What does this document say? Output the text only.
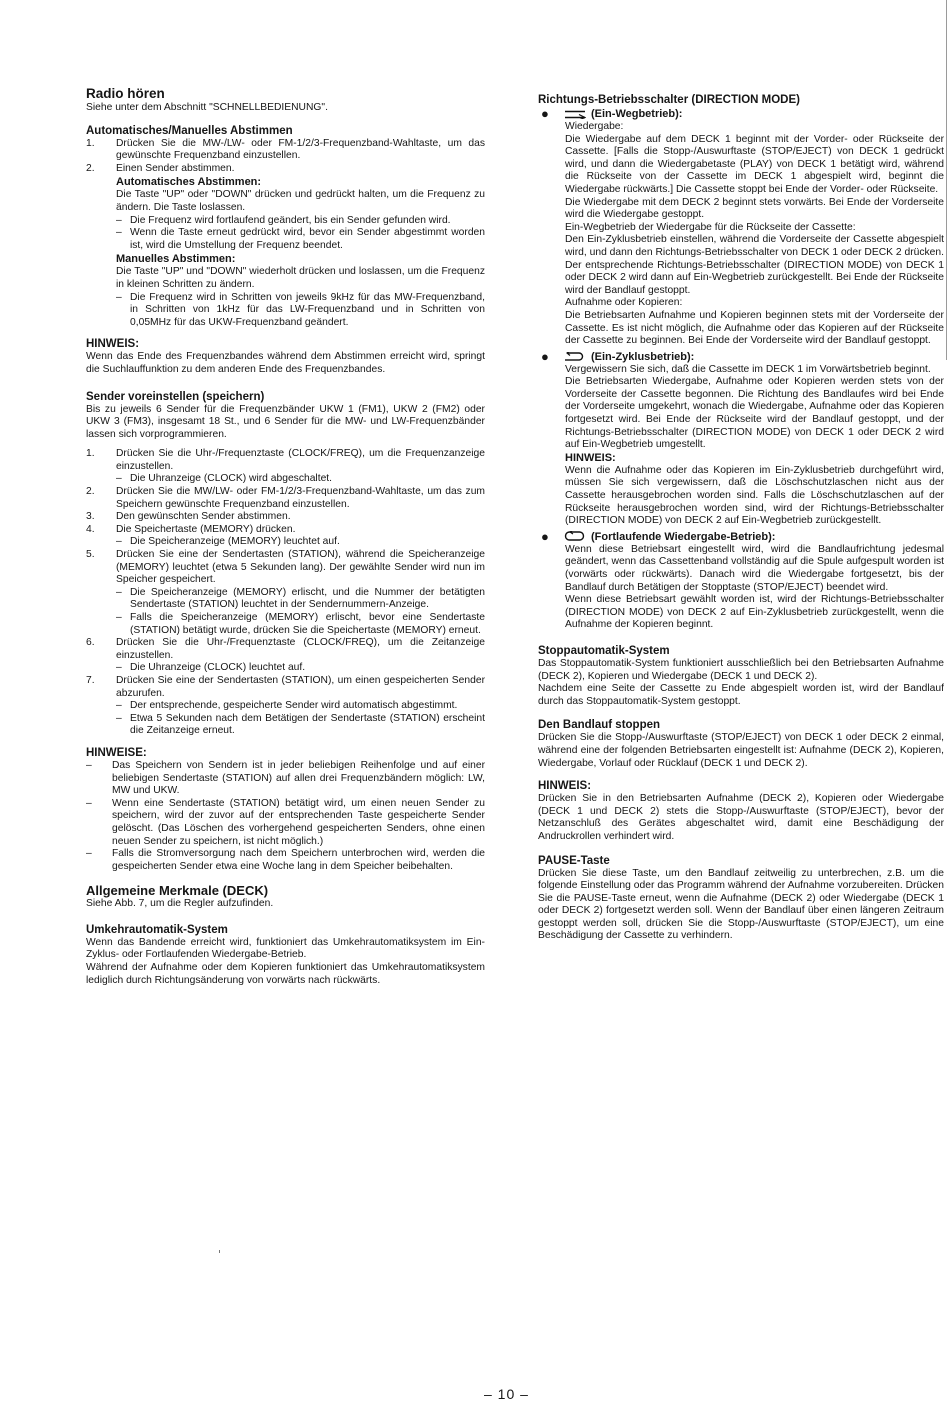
Radio hören

Siehe unter dem Abschnitt "SCHNELLBEDIENUNG".

Automatisches/Manuelles Abstimmen

1. Drücken Sie die MW-/LW- oder FM-1/2/3-Frequenzband-Wahltaste, um das gewünschte Frequenzband einzustellen.

2. Einen Sender abstimmen.

Automatisches Abstimmen:

Die Taste "UP" oder "DOWN" drücken und gedrückt halten, um die Frequenz zu ändern. Die Taste loslassen.

– Die Frequenz wird fortlaufend geändert, bis ein Sender gefunden wird.

– Wenn die Taste erneut gedrückt wird, bevor ein Sender abgestimmt worden ist, wird die Umstellung der Frequenz beendet.

Manuelles Abstimmen:

Die Taste "UP" und "DOWN" wiederholt drücken und loslassen, um die Frequenz in kleinen Schritten zu ändern.

– Die Frequenz wird in Schritten von jeweils 9kHz für das MW-Frequenzband, in Schritten von 1kHz für das LW-Frequenzband und in Schritten von 0,05MHz für das UKW-Frequenzband geändert.

HINWEIS:

Wenn das Ende des Frequenzbandes während dem Abstimmen erreicht wird, springt die Suchlauffunktion zu dem anderen Ende des Frequenzbandes.

Sender voreinstellen (speichern)

Bis zu jeweils 6 Sender für die Frequenzbänder UKW 1 (FM1), UKW 2 (FM2) oder UKW 3 (FM3), insgesamt 18 St., und 6 Sender für die MW- und LW-Frequenzbänder lassen sich vorprogrammieren.

1. Drücken Sie die Uhr-/Frequenztaste (CLOCK/FREQ), um die Frequenzanzeige einzustellen.

– Die Uhranzeige (CLOCK) wird abgeschaltet.

2. Drücken Sie die MW/LW- oder FM-1/2/3-Frequenzband-Wahltaste, um das zum Speichern gewünschte Frequenzband einzustellen.

3. Den gewünschten Sender abstimmen.

4. Die Speichertaste (MEMORY) drücken.

– Die Speicheranzeige (MEMORY) leuchtet auf.

5. Drücken Sie eine der Sendertasten (STATION), während die Speicheranzeige (MEMORY) leuchtet (etwa 5 Sekunden lang). Der gewählte Sender wird nun im Speicher gespeichert.

– Die Speicheranzeige (MEMORY) erlischt, und die Nummer der betätigten Sendertaste (STATION) leuchtet in der Sendernummern-Anzeige.

– Falls die Speicheranzeige (MEMORY) erlischt, bevor eine Sendertaste (STATION) betätigt wurde, drücken Sie die Speichertaste (MEMORY) erneut.

6. Drücken Sie die Uhr-/Frequenztaste (CLOCK/FREQ), um die Zeitanzeige einzustellen.

– Die Uhranzeige (CLOCK) leuchtet auf.

7. Drücken Sie eine der Sendertasten (STATION), um einen gespeicherten Sender abzurufen.

– Der entsprechende, gespeicherte Sender wird automatisch abgestimmt.

– Etwa 5 Sekunden nach dem Betätigen der Sendertaste (STATION) erscheint die Zeitanzeige erneut.

HINWEISE:

– Das Speichern von Sendern ist in jeder beliebigen Reihenfolge und auf einer beliebigen Sendertaste (STATION) auf allen drei Frequenzbändern möglich: LW, MW und UKW.

– Wenn eine Sendertaste (STATION) betätigt wird, um einen neuen Sender zu speichern, wird der zuvor auf der entsprechenden Taste gespeicherte Sender gelöscht. (Das Löschen des vorhergehend gespeicherten Senders, ohne einen neuen Sender zu speichern, ist nicht möglich.)

– Falls die Stromversorgung nach dem Speichern unterbrochen wird, werden die gespeicherten Sender etwa eine Woche lang in dem Speicher beibehalten.

Allgemeine Merkmale (DECK)

Siehe Abb. 7, um die Regler aufzufinden.

Umkehrautomatik-System

Wenn das Bandende erreicht wird, funktioniert das Umkehrautomatiksystem im Ein-Zyklus- oder Fortlaufenden Wiedergabe-Betrieb.

Während der Aufnahme oder dem Kopieren funktioniert das Umkehrautomatiksystem lediglich durch Richtungsänderung von vorwärts nach rückwärts.

Richtungs-Betriebsschalter (DIRECTION MODE)

●	(Ein-Wegbetrieb):

Wiedergabe:

Die Wiedergabe auf dem DECK 1 beginnt mit der Vorder- oder Rückseite der Cassette. [Falls die Stopp-/Auswurftaste (STOP/EJECT) von DECK 1 gedrückt wird, und dann die Wiedergabetaste (PLAY) von DECK 1 betätigt wird, während die Rückseite von der Cassette im DECK 1 abgespielt wird, beginnt die Wiedergabe rückwärts.] Die Cassette stoppt bei Ende der Vorder- oder Rückseite.

Die Wiedergabe mit dem DECK 2 beginnt stets vorwärts. Bei Ende der Vorderseite wird die Wiedergabe gestoppt.

Ein-Wegbetrieb der Wiedergabe für die Rückseite der Cassette:

Den Ein-Zyklusbetrieb einstellen, während die Vorderseite der Cassette abgespielt wird, und dann den Richtungs-Betriebsschalter von DECK 1 oder DECK 2 drücken. Der entsprechende Richtungs-Betriebsschalter (DIRECTION MODE) von DECK 1 oder DECK 2 wird dann auf Ein-Wegbetrieb zurückgestellt. Bei Ende der Rückseite wird der Bandlauf gestoppt.

Aufnahme oder Kopieren:

Die Betriebsarten Aufnahme und Kopieren beginnen stets mit der Vorderseite der Cassette. Es ist nicht möglich, die Aufnahme oder das Kopieren auf der Rückseite der Cassette zu beginnen. Bei Ende der Vorderseite wird der Bandlauf gestoppt.

●	(Ein-Zyklusbetrieb):

Vergewissern Sie sich, daß die Cassette im DECK 1 im Vorwärtsbetrieb beginnt.

Die Betriebsarten Wiedergabe, Aufnahme oder Kopieren werden stets von der Vorderseite der Cassette begonnen. Die Richtung des Bandlaufes wird bei Ende der Vorderseite umgekehrt, wonach die Wiedergabe, Aufnahme oder das Kopieren fortgesetzt wird. Bei Ende der Rückseite wird der Bandlauf gestoppt, und der Richtungs-Betriebsschalter (DIRECTION MODE) von DECK 1 oder DECK 2 wird auf Ein-Wegbetrieb umgestellt.

HINWEIS:

Wenn die Aufnahme oder das Kopieren im Ein-Zyklusbetrieb durchgeführt wird, müssen Sie sich vergewissern, daß die Löschschutzlaschen nicht aus der Cassette herausgebrochen worden sind. Falls die Löschschutzlaschen auf der Rückseite herausgebrochen worden sind, wird der Richtungs-Betriebsschalter (DIRECTION MODE) von DECK 2 auf Ein-Wegbetrieb zurückgestellt.

●	(Fortlaufende Wiedergabe-Betrieb):

Wenn diese Betriebsart eingestellt wird, wird die Bandlaufrichtung jedesmal geändert, wenn das Cassettenband vollständig auf die Spule aufgespult worden ist (vorwärts oder rückwärts). Danach wird die Wiedergabe fortgesetzt, bis der Bandlauf durch Betätigen der Stopptaste (STOP/EJECT) beendet wird.

Wenn diese Betriebsart gewählt worden ist, wird der Richtungs-Betriebsschalter (DIRECTION MODE) von DECK 2 auf Ein-Zyklusbetrieb zurückgestellt, wenn die Aufnahme der Kopieren beginnt.

Stoppautomatik-System

Das Stoppautomatik-System funktioniert ausschließlich bei den Betriebsarten Aufnahme (DECK 2), Kopieren und Wiedergabe (DECK 1 und DECK 2).

Nachdem eine Seite der Cassette zu Ende abgespielt worden ist, wird der Bandlauf durch das Stoppautomatik-System gestoppt.

Den Bandlauf stoppen

Drücken Sie die Stopp-/Auswurftaste (STOP/EJECT) von DECK 1 oder DECK 2 einmal, während eine der folgenden Betriebsarten eingestellt ist: Aufnahme (DECK 2), Kopieren, Wiedergabe, Vorlauf oder Rücklauf (DECK 1 und DECK 2).

HINWEIS:

Drücken Sie in den Betriebsarten Aufnahme (DECK 2), Kopieren oder Wiedergabe (DECK 1 und DECK 2) stets die Stopp-/Auswurftaste (STOP/EJECT), bevor der Netzanschluß des Gerätes abgeschaltet wird, damit eine Beschädigung der Andruckrollen verhindert wird.

PAUSE-Taste

Drücken Sie diese Taste, um den Bandlauf zeitweilig zu unterbrechen, z.B. um die folgende Einstellung oder das Programm während der Aufnahme vorzubereiten. Drücken Sie die PAUSE-Taste erneut, wenn die Aufnahme (DECK 2) oder Wiedergabe (DECK 1 oder DECK 2) fortgesetzt werden soll. Wenn der Bandlauf über einen längeren Zeitraum gestoppt werden soll, drücken Sie die Stopp-/Auswurftaste (STOP/EJECT), um eine Beschädigung der Cassette zu verhindern.

– 10 –
